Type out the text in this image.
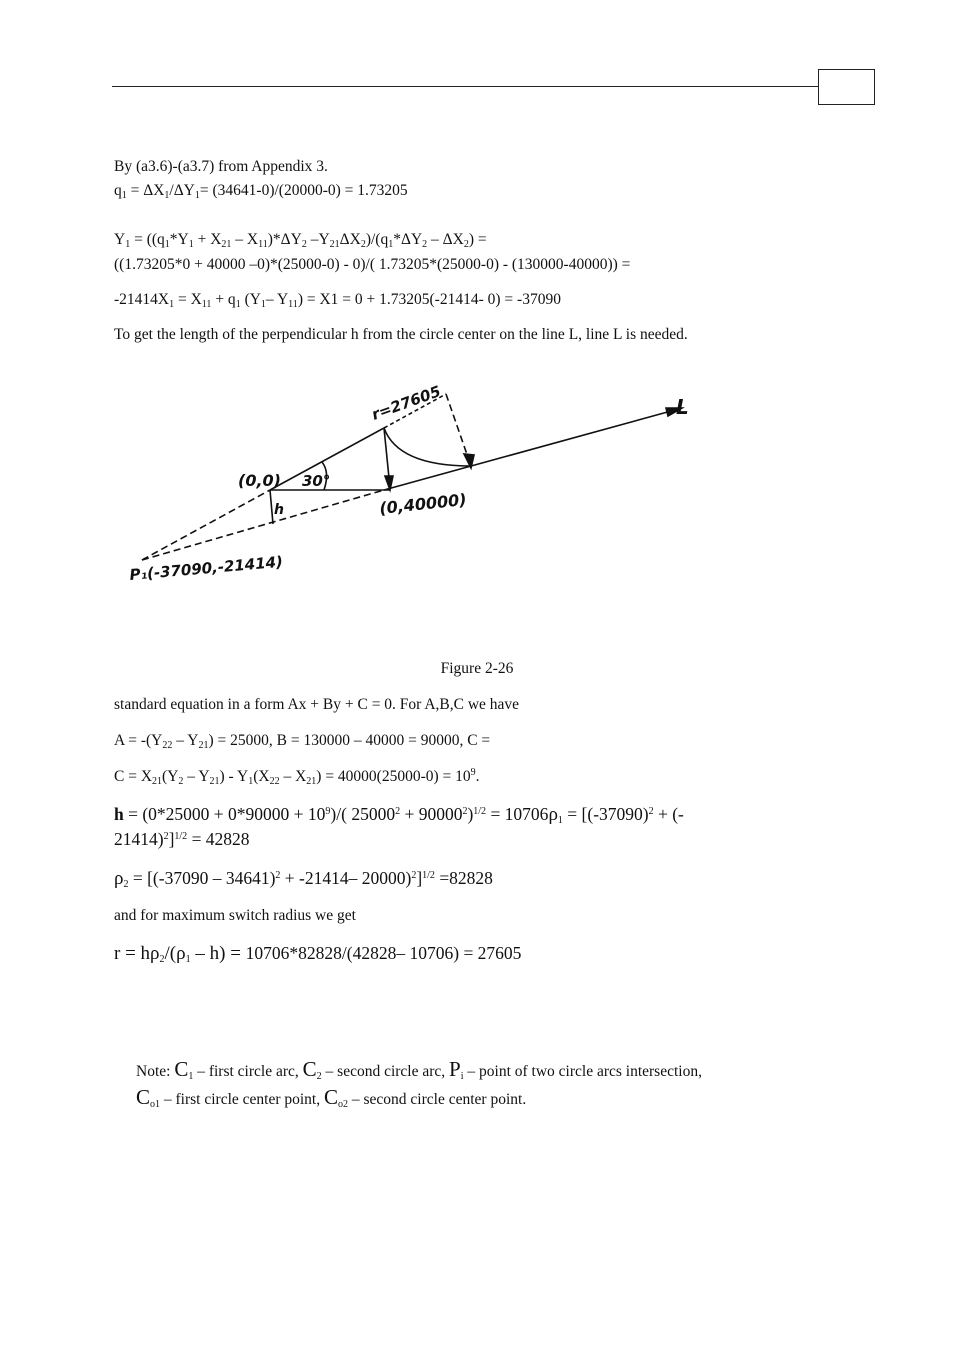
By (a3.6)-(a3.7) from Appendix 3.
$q_1 = \Delta X_1/\Delta Y_1= (34641-0)/(20000-0) = 1.73205$
$Y_1 = ((q_1*Y_1 + X_{21} - X_{11})*\Delta Y_2$ $-Y_{21}\Delta X_2)/(q_1*\Delta Y_2 - \Delta X_2)$ =
((1.73205*0 + 40000 –0)*(25000-0) - 0)/( 1.73205*(25000-0) - (130000-40000)) =
$-21414X_1 = X_{11} + q_1$ ($Y_1-$ $Y_{11}) = X1 = 0 + 1.73205(-21414-$ 0) = -37090
To get the length of the perpendicular h from the circle center on the line L, line L is needed.
r=27605	L
(0,0) 30°
(0,40000)
h
P₁(-37090,-21414)
Figure 2-26
standard equation in a form Ax + By + C = 0. For A,B,C we have
$A = -(Y_{22} - Y_{21}) = 25000$, B = 130000 – 40000 = 90000, C =
$C = X_{21}(Y_2 - Y_{21}) - Y_1(X_{22} - X_{21}) = 40000(25000-0) = 10^9$.
$h = (0*25000 + 0*90000 + 10^9)/$( $25000^2 + 90000^2)^{1/2} = 10706\rho_1 = [(-37090)^2$ + (-
21414)$^2$]$^{1/2}$ = 42828
$\rho_2 = [(-37090 - 34641)^2 + -21414-$ 20000)$^2$]$^{1/2}$ =82828
and for maximum switch radius we get
$r = h\rho_2/(\rho_1 - h) = 10706*82828/(42828-$ 10706) = 27605
Note: $C_1$ – first circle arc, $C_2$ – second circle arc, $P_i$ – point of two circle arcs intersection,
$C_{o1}$ – first circle center point, $C_{o2}$ – second circle center point.
